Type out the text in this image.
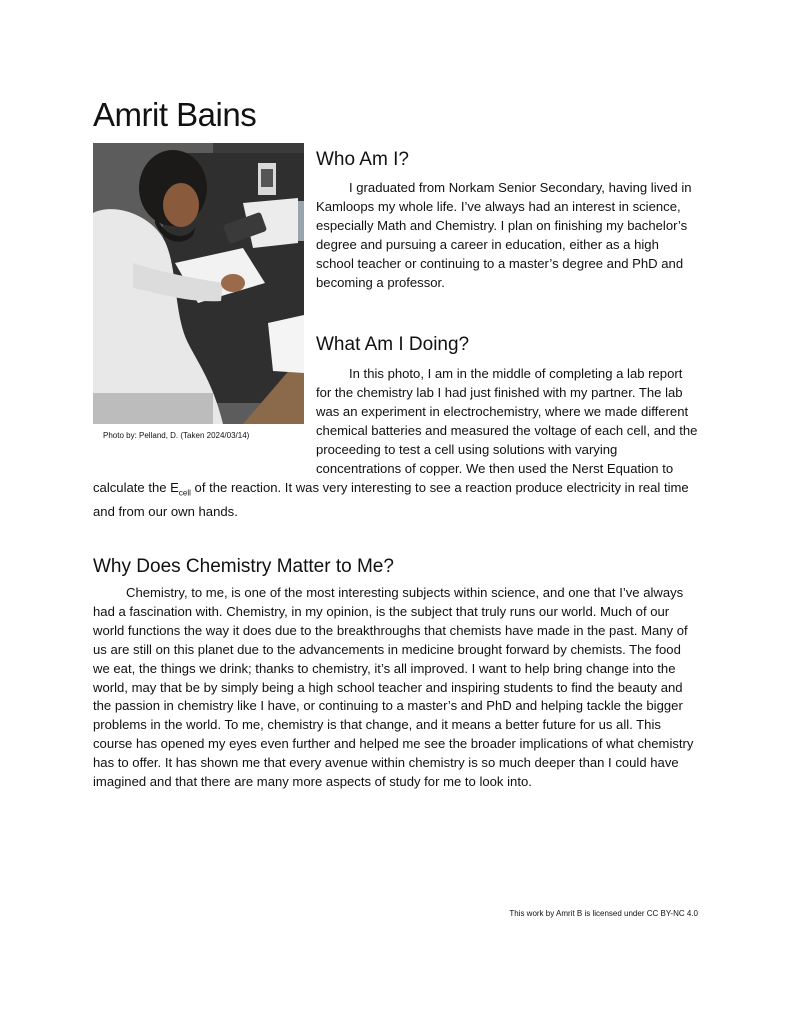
Amrit Bains
Photo by: Pelland, D. (Taken 2024/03/14)
Who Am I?

I graduated from Norkam Senior Secondary, having lived in Kamloops my whole life. I’ve always had an interest in science, especially Math and Chemistry. I plan on finishing my bachelor’s degree and pursuing a career in education, either as a high school teacher or continuing to a master’s degree and PhD and becoming a professor.

What Am I Doing?

In this photo, I am in the middle of completing a lab report for the chemistry lab I had just finished with my partner. The lab was an experiment in electrochemistry, where we made different chemical batteries and measured the voltage of each cell, and the proceeding to test a cell using solutions with varying concentrations of copper. We then used the Nerst Equation to calculate the $E_{cell}$ of the reaction. It was very interesting to see a reaction produce electricity in real time and from our own hands.

Why Does Chemistry Matter to Me?

Chemistry, to me, is one of the most interesting subjects within science, and one that I’ve always had a fascination with. Chemistry, in my opinion, is the subject that truly runs our world. Much of our world functions the way it does due to the breakthroughs that chemists have made in the past. Many of us are still on this planet due to the advancements in medicine brought forward by chemists. The food we eat, the things we drink; thanks to chemistry, it’s all improved. I want to help bring change into the world, may that be by simply being a high school teacher and inspiring students to find the beauty and the passion in chemistry like I have, or continuing to a master’s and PhD and helping tackle the bigger problems in the world. To me, chemistry is that change, and it means a better future for us all. This course has opened my eyes even further and helped me see the broader implications of what chemistry has to offer. It has shown me that every avenue within chemistry is so much deeper than I could have imagined and that there are many more aspects of study for me to look into.

This work by Amrit B is licensed under CC BY-NC 4.0
